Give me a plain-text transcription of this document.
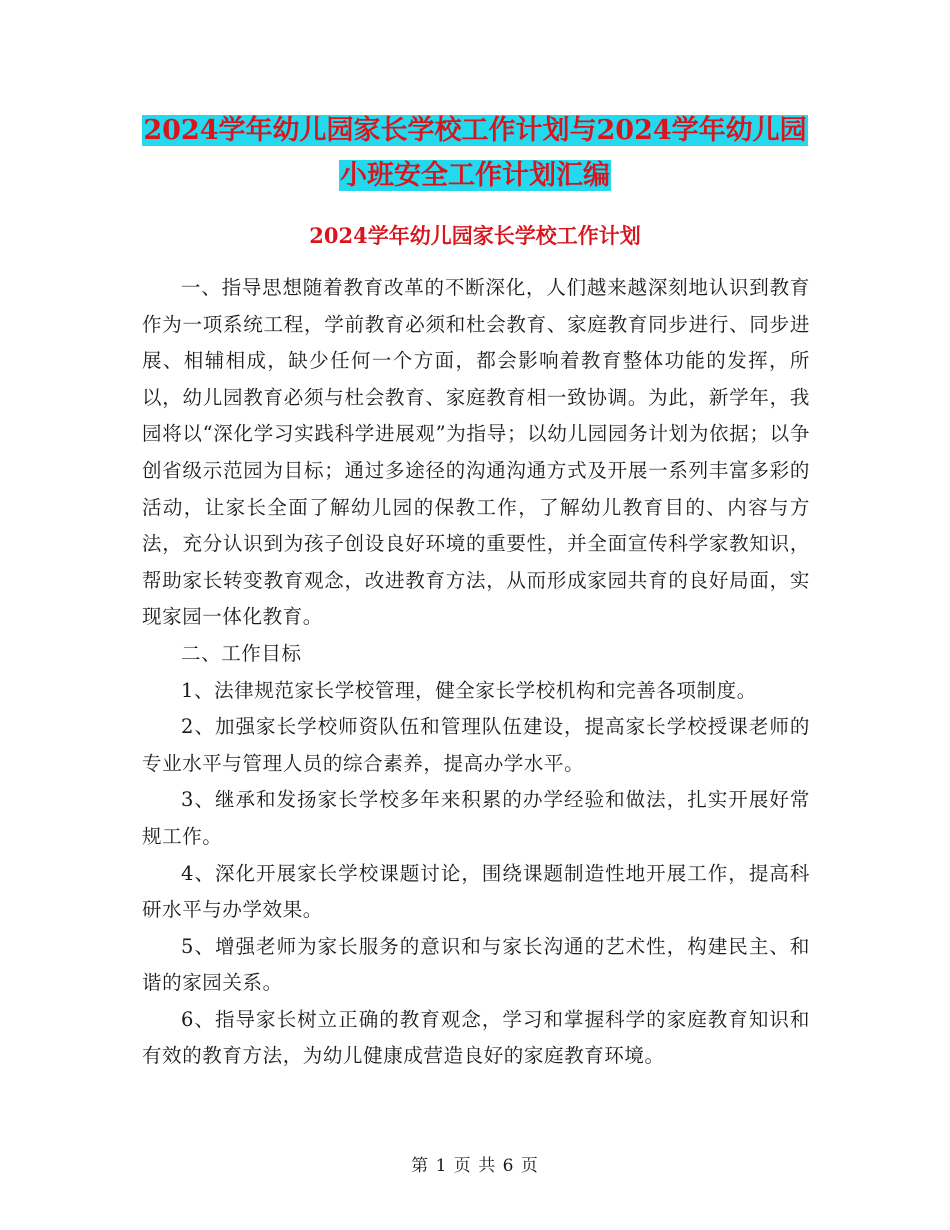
2024学年幼儿园家长学校工作计划与2024学年幼儿园
小班安全工作计划汇编
2024学年幼儿园家长学校工作计划

一、指导思想随着教育改革的不断深化，人们越来越深刻地认识到教育作为一项系统工程，学前教育必须和杜会教育、家庭教育同步进行、同步进展、相辅相成，缺少任何一个方面，都会影响着教育整体功能的发挥，所以，幼儿园教育必须与杜会教育、家庭教育相一致协调。为此，新学年，我园将以“深化学习实践科学进展观”为指导；以幼儿园园务计划为依据；以争创省级示范园为目标；通过多途径的沟通沟通方式及开展一系列丰富多彩的活动，让家长全面了解幼儿园的保教工作，了解幼儿教育目的、内容与方法，充分认识到为孩子创设良好环境的重要性，并全面宣传科学家教知识，帮助家长转变教育观念，改进教育方法，从而形成家园共育的良好局面，实现家园一体化教育。

二、工作目标

1、法律规范家长学校管理，健全家长学校机构和完善各项制度。

2、加强家长学校师资队伍和管理队伍建设，提高家长学校授课老师的专业水平与管理人员的综合素养，提高办学水平。

3、继承和发扬家长学校多年来积累的办学经验和做法，扎实开展好常规工作。

4、深化开展家长学校课题讨论，围绕课题制造性地开展工作，提高科研水平与办学效果。

5、增强老师为家长服务的意识和与家长沟通的艺术性，构建民主、和谐的家园关系。

6、指导家长树立正确的教育观念，学习和掌握科学的家庭教育知识和有效的教育方法，为幼儿健康成营造良好的家庭教育环境。

第 1 页 共 6 页
